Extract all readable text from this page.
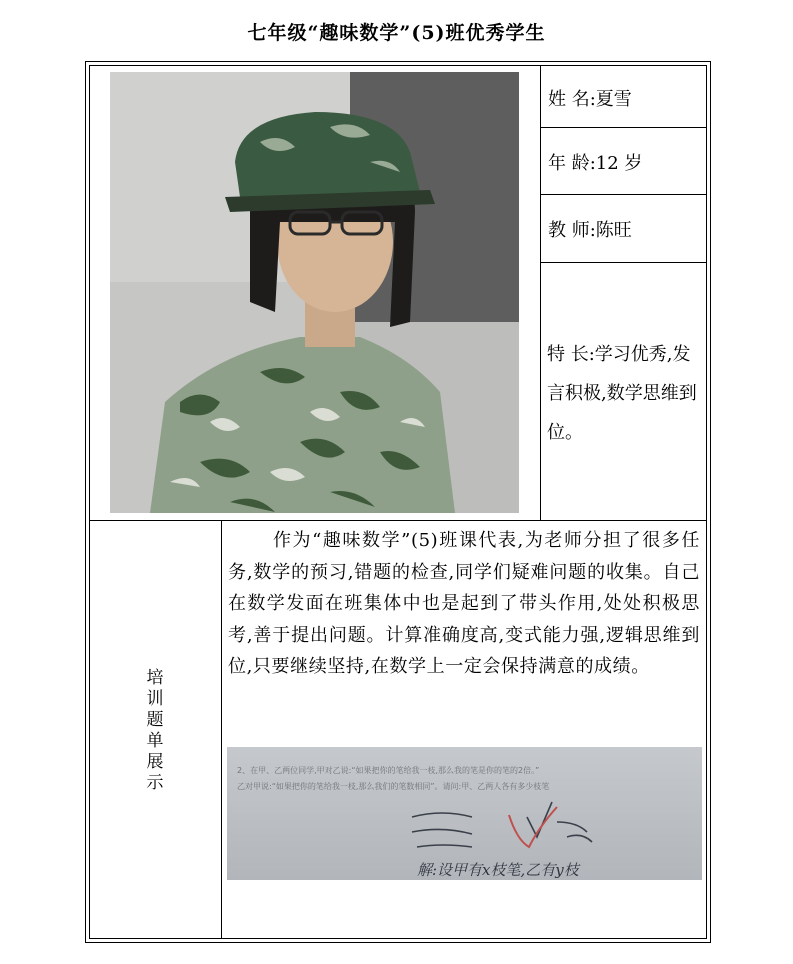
七年级“趣味数学”(5)班优秀学生
姓 名:夏雪
年 龄:12 岁
教 师:陈旺
特 长:学习优秀,发言积极,数学思维到位。
培
训
题
单
展
示
作为“趣味数学”(5)班课代表,为老师分担了很多任务,数学的预习,错题的检查,同学们疑难问题的收集。自己在数学发面在班集体中也是起到了带头作用,处处积极思考,善于提出问题。计算准确度高,变式能力强,逻辑思维到位,只要继续坚持,在数学上一定会保持满意的成绩。
2、在甲、乙两位同学,甲对乙说:“如果把你的笔给我一枝,那么我的笔是你的笔的2倍。”
乙对甲说:“如果把你的笔给我一枝,那么我们的笔数相同”。请问:甲、乙两人各有多少枝笔
解:设甲有x枝笔,乙有y枝
